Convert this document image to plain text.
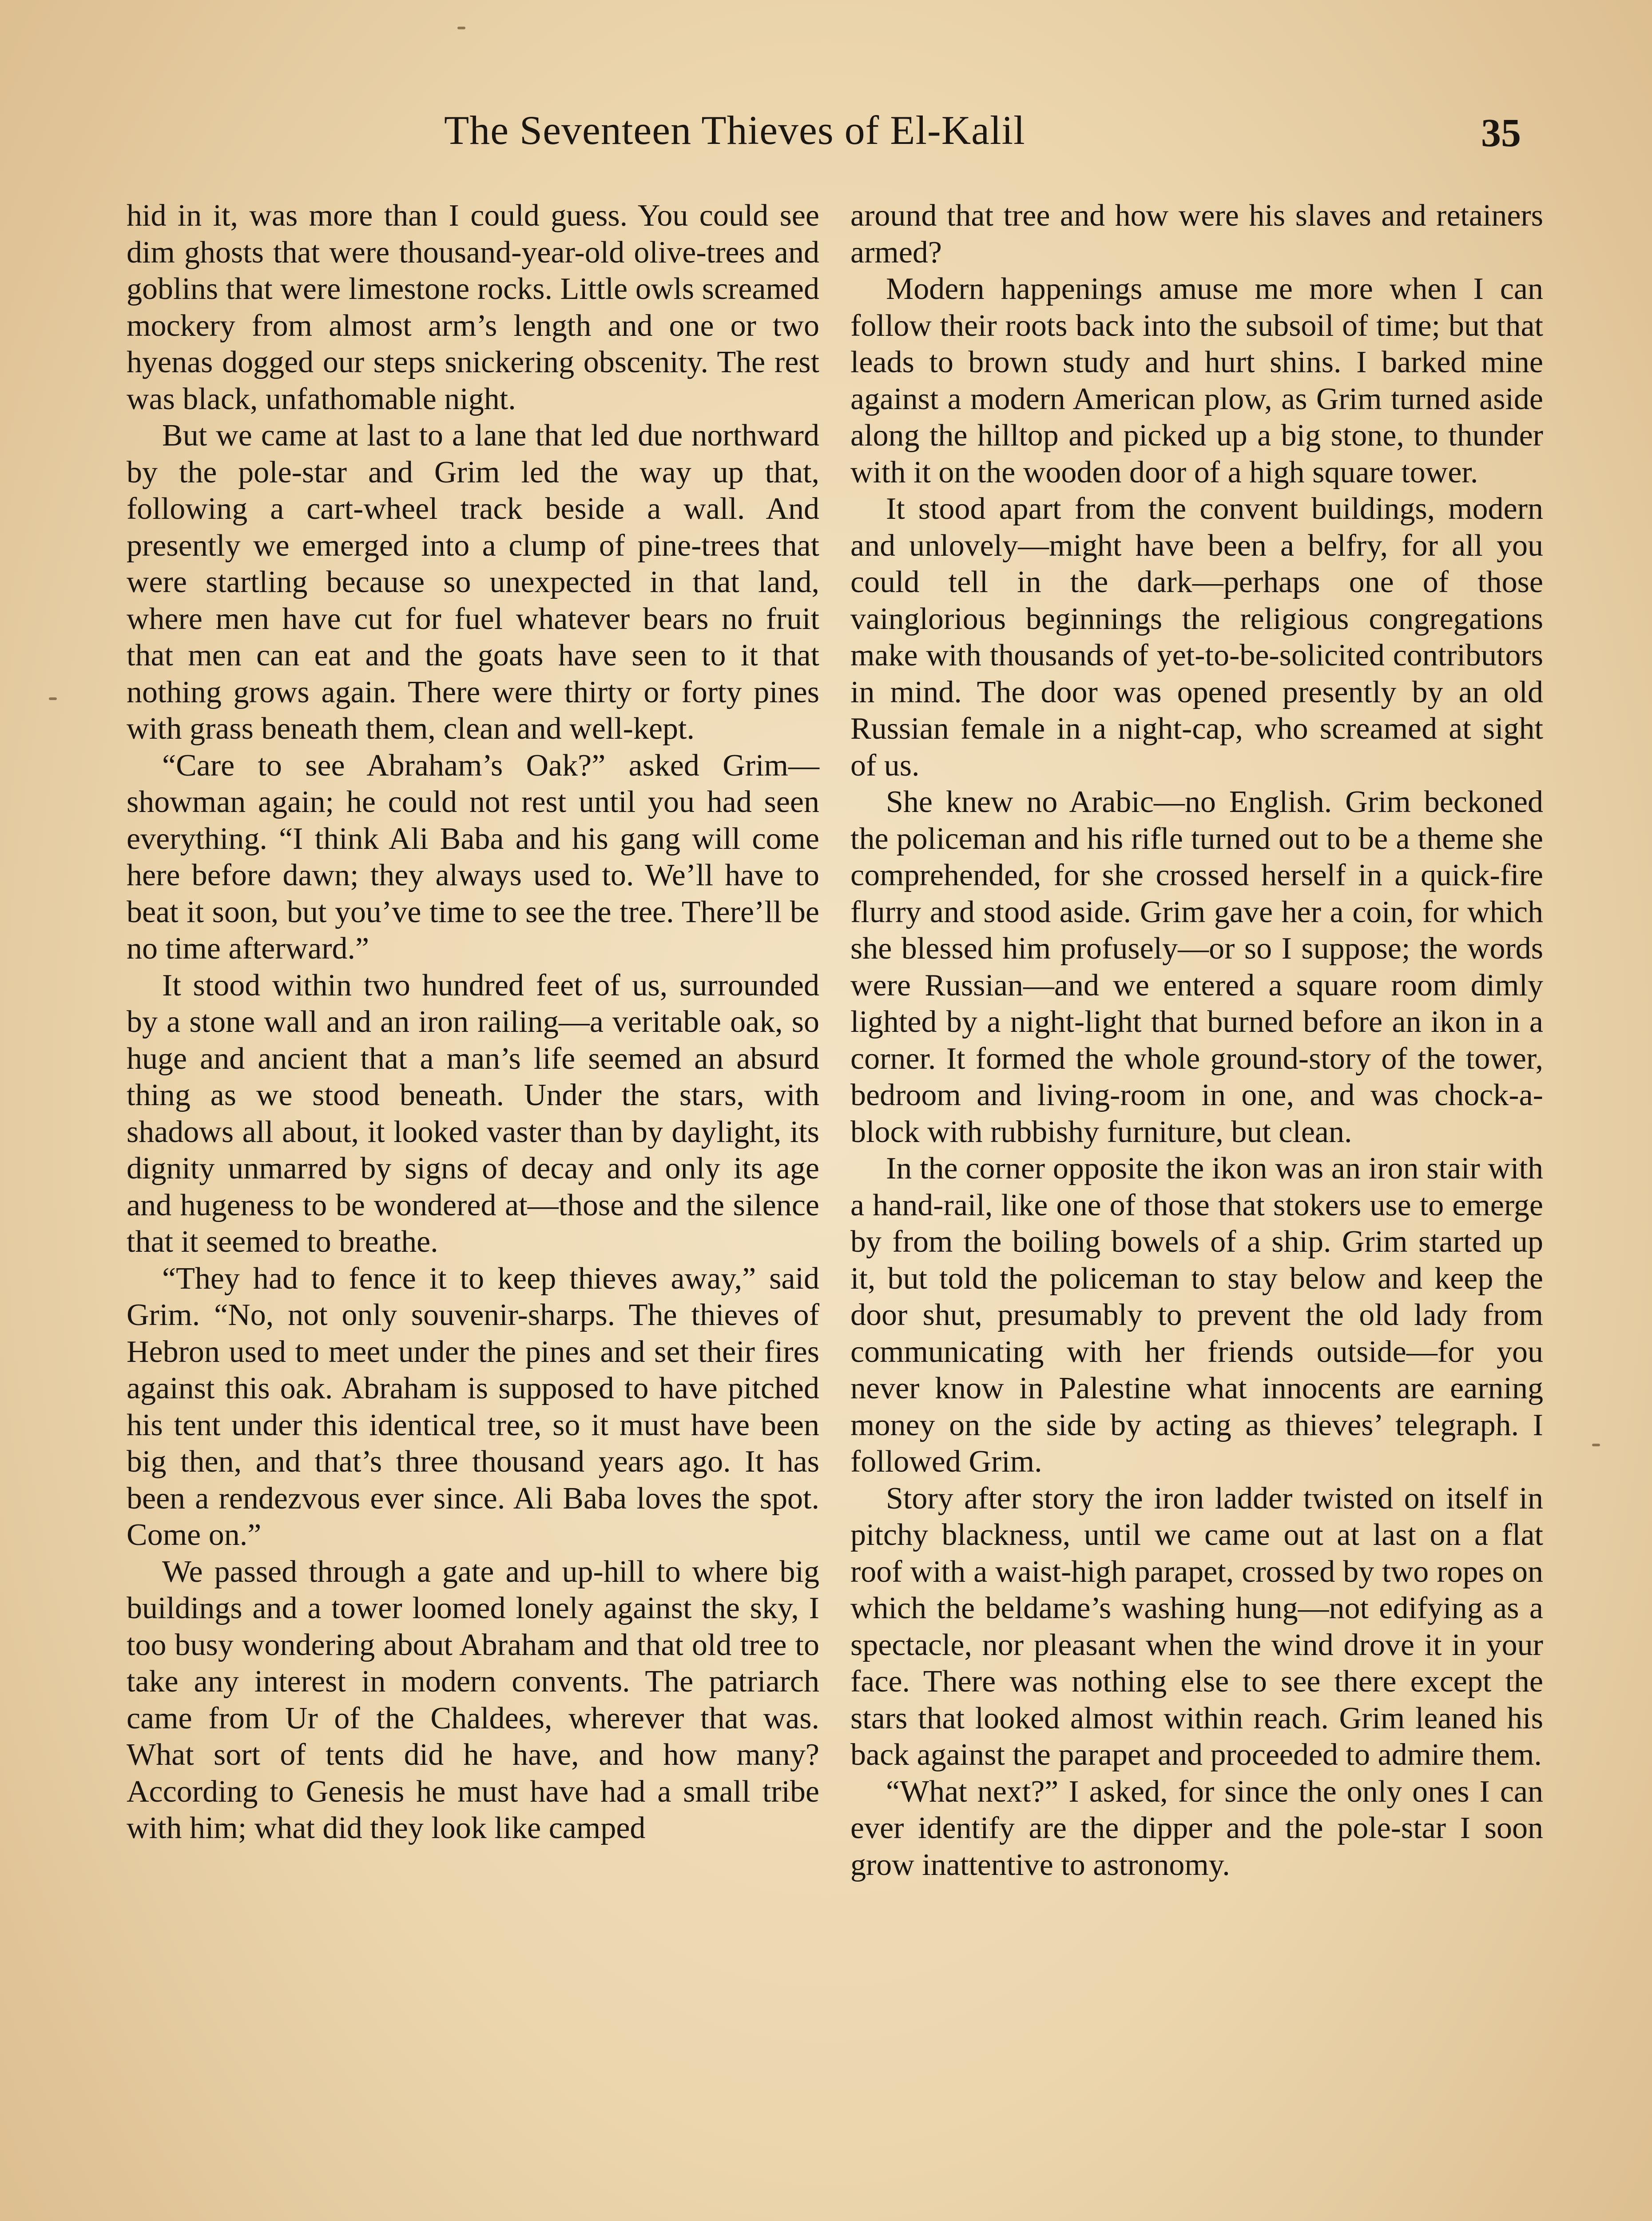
The Seventeen Thieves of El-Kalil	35

hid in it, was more than I could guess. You could see dim ghosts that were thousand-year-old olive-trees and goblins that were limestone rocks. Little owls screamed mockery from almost arm’s length and one or two hyenas dogged our steps snickering obscenity. The rest was black, unfathomable night.

But we came at last to a lane that led due northward by the pole-star and Grim led the way up that, following a cart-wheel track beside a wall. And presently we emerged into a clump of pine-trees that were startling because so unexpected in that land, where men have cut for fuel whatever bears no fruit that men can eat and the goats have seen to it that nothing grows again. There were thirty or forty pines with grass beneath them, clean and well-kept.

“Care to see Abraham’s Oak?” asked Grim—showman again; he could not rest until you had seen everything. “I think Ali Baba and his gang will come here before dawn; they always used to. We’ll have to beat it soon, but you’ve time to see the tree. There’ll be no time afterward.”

It stood within two hundred feet of us, surrounded by a stone wall and an iron railing—a veritable oak, so huge and ancient that a man’s life seemed an absurd thing as we stood beneath. Under the stars, with shadows all about, it looked vaster than by daylight, its dignity unmarred by signs of decay and only its age and hugeness to be wondered at—those and the silence that it seemed to breathe.

“They had to fence it to keep thieves away,” said Grim. “No, not only souvenir-sharps. The thieves of Hebron used to meet under the pines and set their fires against this oak. Abraham is supposed to have pitched his tent under this identical tree, so it must have been big then, and that’s three thousand years ago. It has been a rendezvous ever since. Ali Baba loves the spot. Come on.”

We passed through a gate and up-hill to where big buildings and a tower loomed lonely against the sky, I too busy wondering about Abraham and that old tree to take any interest in modern convents. The patriarch came from Ur of the Chaldees, wherever that was. What sort of tents did he have, and how many? According to Genesis he must have had a small tribe with him; what did they look like camped

around that tree and how were his slaves and retainers armed?

Modern happenings amuse me more when I can follow their roots back into the subsoil of time; but that leads to brown study and hurt shins. I barked mine against a modern American plow, as Grim turned aside along the hilltop and picked up a big stone, to thunder with it on the wooden door of a high square tower.

It stood apart from the convent buildings, modern and unlovely—might have been a belfry, for all you could tell in the dark—perhaps one of those vainglorious beginnings the religious congregations make with thousands of yet-to-be-solicited contributors in mind. The door was opened presently by an old Russian female in a night-cap, who screamed at sight of us.

She knew no Arabic—no English. Grim beckoned the policeman and his rifle turned out to be a theme she comprehended, for she crossed herself in a quick-fire flurry and stood aside. Grim gave her a coin, for which she blessed him profusely—or so I suppose; the words were Russian—and we entered a square room dimly lighted by a night-light that burned before an ikon in a corner. It formed the whole ground-story of the tower, bedroom and living-room in one, and was chock-a-block with rubbishy furniture, but clean.

In the corner opposite the ikon was an iron stair with a hand-rail, like one of those that stokers use to emerge by from the boiling bowels of a ship. Grim started up it, but told the policeman to stay below and keep the door shut, presumably to prevent the old lady from communicating with her friends outside—for you never know in Palestine what innocents are earning money on the side by acting as thieves’ telegraph. I followed Grim.

Story after story the iron ladder twisted on itself in pitchy blackness, until we came out at last on a flat roof with a waist-high parapet, crossed by two ropes on which the beldame’s washing hung—not edifying as a spectacle, nor pleasant when the wind drove it in your face. There was nothing else to see there except the stars that looked almost within reach. Grim leaned his back against the parapet and proceeded to admire them.

“What next?” I asked, for since the only ones I can ever identify are the dipper and the pole-star I soon grow inattentive to astronomy.
